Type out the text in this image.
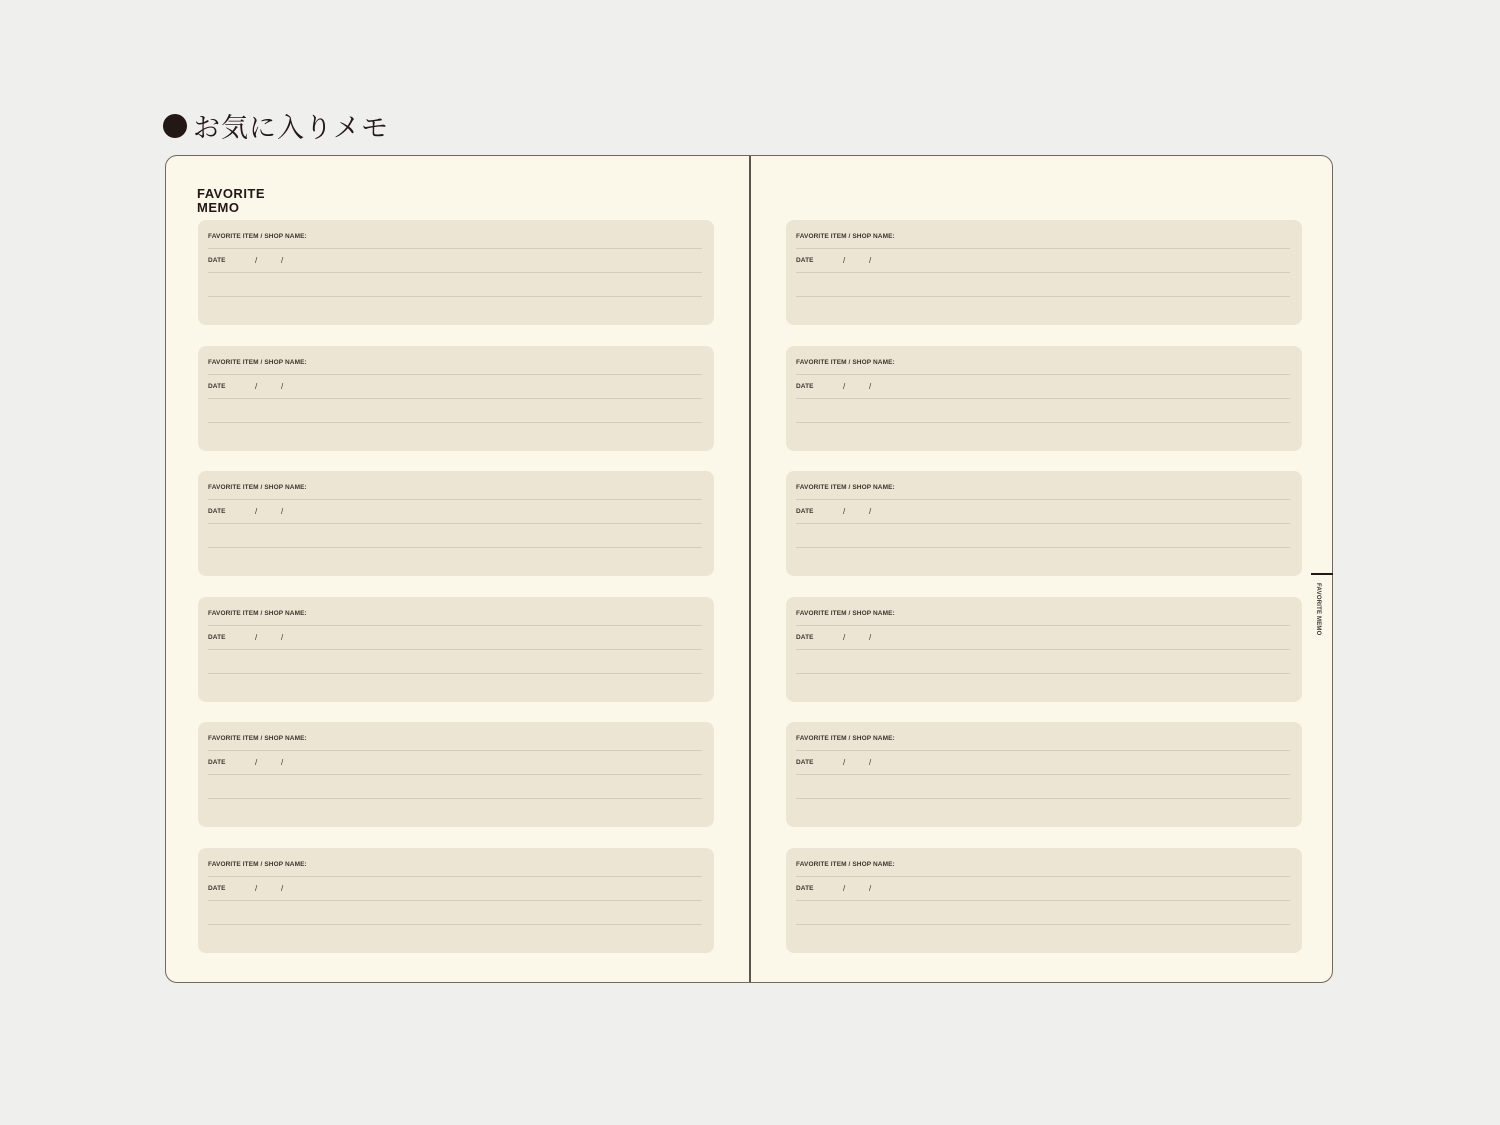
お気に入りメモ
FAVORITE
MEMO
FAVORITE ITEM / SHOP NAME:
DATE	/	/
FAVORITE ITEM / SHOP NAME:
DATE	/	/
FAVORITE ITEM / SHOP NAME:
DATE	/	/
FAVORITE ITEM / SHOP NAME:
DATE	/	/
FAVORITE ITEM / SHOP NAME:
DATE	/	/
FAVORITE ITEM / SHOP NAME:
DATE	/	/
FAVORITE ITEM / SHOP NAME:
DATE	/	/
FAVORITE ITEM / SHOP NAME:
DATE	/	/
FAVORITE ITEM / SHOP NAME:
DATE	/	/
FAVORITE ITEM / SHOP NAME:
DATE	/	/
FAVORITE ITEM / SHOP NAME:
DATE	/	/
FAVORITE ITEM / SHOP NAME:
DATE	/	/
FAVORITE MEMO
